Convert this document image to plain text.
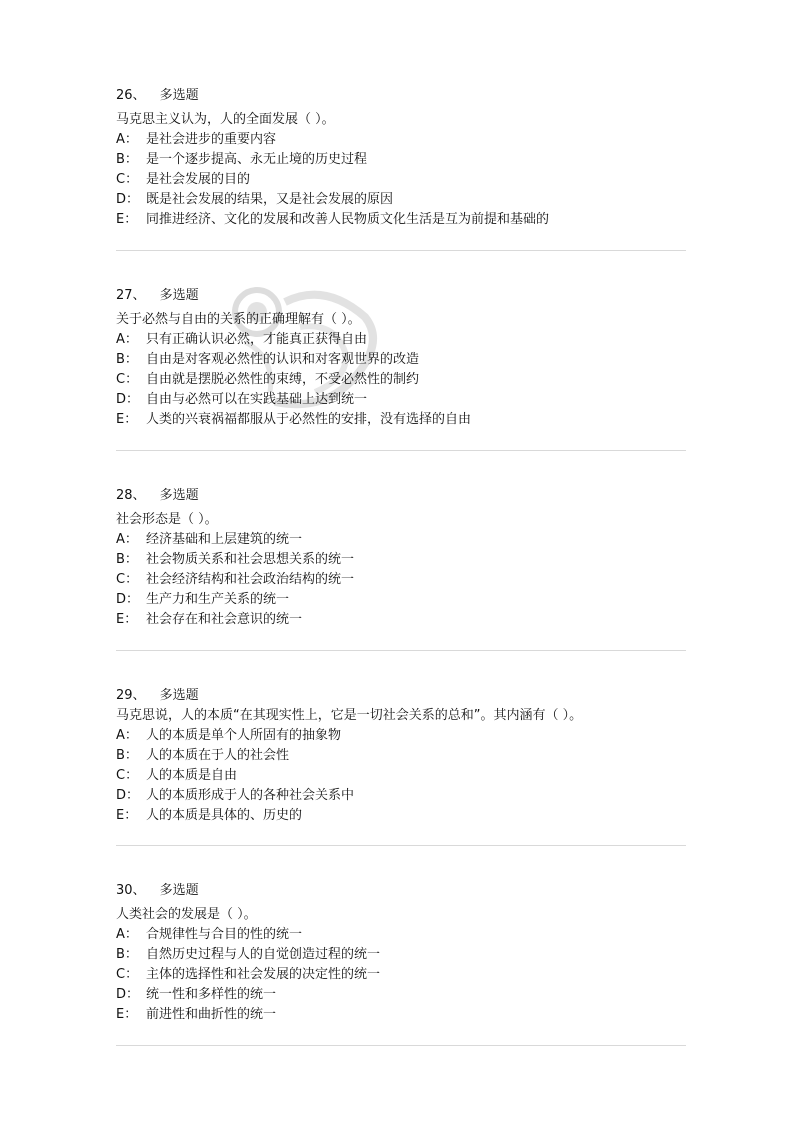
26、 多选题
马克思主义认为，人的全面发展（ ）。
A： 是社会进步的重要内容
B： 是一个逐步提高、永无止境的历史过程
C： 是社会发展的目的
D： 既是社会发展的结果，又是社会发展的原因
E： 同推进经济、文化的发展和改善人民物质文化生活是互为前提和基础的
27、 多选题
关于必然与自由的关系的正确理解有（ ）。
A： 只有正确认识必然，才能真正获得自由
B： 自由是对客观必然性的认识和对客观世界的改造
C： 自由就是摆脱必然性的束缚，不受必然性的制约
D： 自由与必然可以在实践基础上达到统一
E： 人类的兴衰祸福都服从于必然性的安排，没有选择的自由
28、 多选题
社会形态是（ ）。
A： 经济基础和上层建筑的统一
B： 社会物质关系和社会思想关系的统一
C： 社会经济结构和社会政治结构的统一
D： 生产力和生产关系的统一
E： 社会存在和社会意识的统一
29、 多选题
马克思说，人的本质“在其现实性上，它是一切社会关系的总和”。其内涵有（ ）。
A： 人的本质是单个人所固有的抽象物
B： 人的本质在于人的社会性
C： 人的本质是自由
D： 人的本质形成于人的各种社会关系中
E： 人的本质是具体的、历史的
30、 多选题
人类社会的发展是（ ）。
A： 合规律性与合目的性的统一
B： 自然历史过程与人的自觉创造过程的统一
C： 主体的选择性和社会发展的决定性的统一
D： 统一性和多样性的统一
E： 前进性和曲折性的统一
